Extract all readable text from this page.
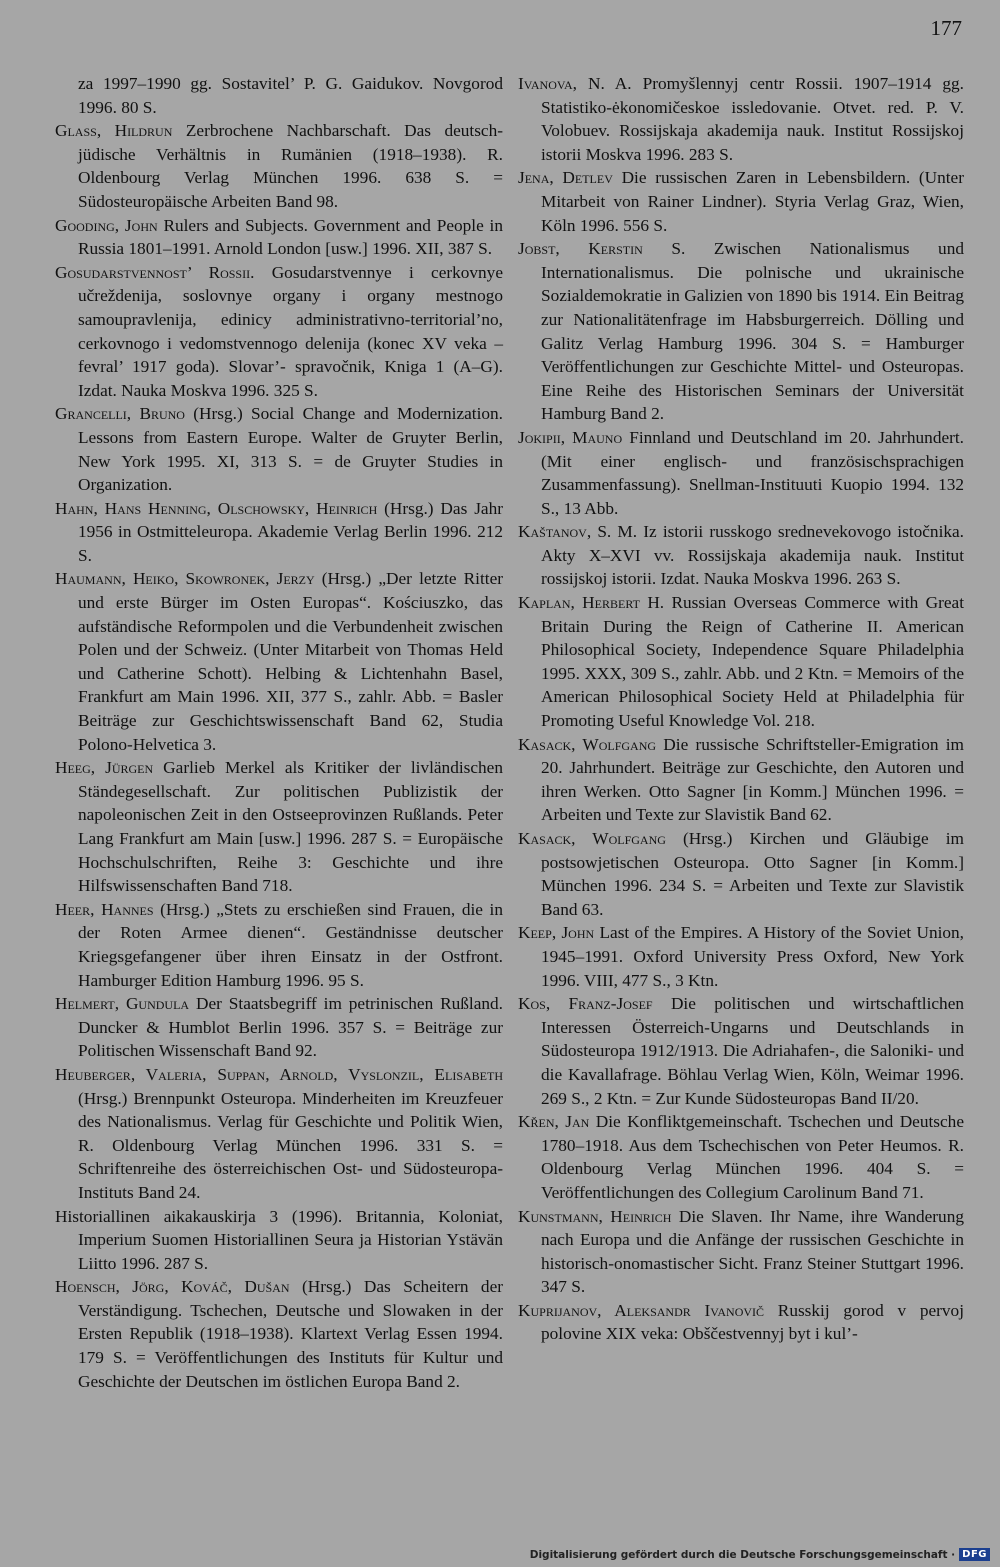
177

za 1997–1990 gg. Sostavitel’ P. G. Gaidukov. Novgorod 1996. 80 S.

Glass, Hildrun Zerbrochene Nachbarschaft. Das deutsch-jüdische Verhältnis in Rumänien (1918–1938). R. Oldenbourg Verlag München 1996. 638 S. = Südosteuropäische Arbeiten Band 98.

Gooding, John Rulers and Subjects. Government and People in Russia 1801–1991. Arnold London [usw.] 1996. XII, 387 S.

Gosudarstvennost’ Rossii. Gosudarstvennye i cerkovnye učreždenija, soslovnye organy i organy mestnogo samoupravlenija, edinicy administrativno-territorial’no, cerkovnogo i vedomstvennogo delenija (konec XV veka – fevral’ 1917 goda). Slovar’- spravočnik, Kniga 1 (A–G). Izdat. Nauka Moskva 1996. 325 S.

Grancelli, Bruno (Hrsg.) Social Change and Modernization. Lessons from Eastern Europe. Walter de Gruyter Berlin, New York 1995. XI, 313 S. = de Gruyter Studies in Organization.

Hahn, Hans Henning, Olschowsky, Heinrich (Hrsg.) Das Jahr 1956 in Ostmitteleuropa. Akademie Verlag Berlin 1996. 212 S.

Haumann, Heiko, Skowronek, Jerzy (Hrsg.) „Der letzte Ritter und erste Bürger im Osten Europas“. Kościuszko, das aufständische Reformpolen und die Verbundenheit zwischen Polen und der Schweiz. (Unter Mitarbeit von Thomas Held und Catherine Schott). Helbing & Lichtenhahn Basel, Frankfurt am Main 1996. XII, 377 S., zahlr. Abb. = Basler Beiträge zur Geschichtswissenschaft Band 62, Studia Polono-Helvetica 3.

Heeg, Jürgen Garlieb Merkel als Kritiker der livländischen Ständegesellschaft. Zur politischen Publizistik der napoleonischen Zeit in den Ostseeprovinzen Rußlands. Peter Lang Frankfurt am Main [usw.] 1996. 287 S. = Europäische Hochschulschriften, Reihe 3: Geschichte und ihre Hilfswissenschaften Band 718.

Heer, Hannes (Hrsg.) „Stets zu erschießen sind Frauen, die in der Roten Armee dienen“. Geständnisse deutscher Kriegsgefangener über ihren Einsatz in der Ostfront. Hamburger Edition Hamburg 1996. 95 S.

Helmert, Gundula Der Staatsbegriff im petrinischen Rußland. Duncker & Humblot Berlin 1996. 357 S. = Beiträge zur Politischen Wissenschaft Band 92.

Heuberger, Valeria, Suppan, Arnold, Vyslonzil, Elisabeth (Hrsg.) Brennpunkt Osteuropa. Minderheiten im Kreuzfeuer des Nationalismus. Verlag für Geschichte und Politik Wien, R. Oldenbourg Verlag München 1996. 331 S. = Schriftenreihe des österreichischen Ost- und Südosteuropa-Instituts Band 24.

Historiallinen aikakauskirja 3 (1996). Britannia, Koloniat, Imperium Suomen Historiallinen Seura ja Historian Ystävän Liitto 1996. 287 S.

Hoensch, Jörg, Kováč, Dušan (Hrsg.) Das Scheitern der Verständigung. Tschechen, Deutsche und Slowaken in der Ersten Republik (1918–1938). Klartext Verlag Essen 1994. 179 S. = Veröffentlichungen des Instituts für Kultur und Geschichte der Deutschen im östlichen Europa Band 2.

Ivanova, N. A. Promyšlennyj centr Rossii. 1907–1914 gg. Statistiko-ėkonomičeskoe issledovanie. Otvet. red. P. V. Volobuev. Rossijskaja akademija nauk. Institut Rossijskoj istorii Moskva 1996. 283 S.

Jena, Detlev Die russischen Zaren in Lebensbildern. (Unter Mitarbeit von Rainer Lindner). Styria Verlag Graz, Wien, Köln 1996. 556 S.

Jobst, Kerstin S. Zwischen Nationalismus und Internationalismus. Die polnische und ukrainische Sozialdemokratie in Galizien von 1890 bis 1914. Ein Beitrag zur Nationalitätenfrage im Habsburgerreich. Dölling und Galitz Verlag Hamburg 1996. 304 S. = Hamburger Veröffentlichungen zur Geschichte Mittel- und Osteuropas. Eine Reihe des Historischen Seminars der Universität Hamburg Band 2.

Jokipii, Mauno Finnland und Deutschland im 20. Jahrhundert. (Mit einer englisch- und französischsprachigen Zusammenfassung). Snellman-Instituuti Kuopio 1994. 132 S., 13 Abb.

Kaštanov, S. M. Iz istorii russkogo srednevekovogo istočnika. Akty X–XVI vv. Rossijskaja akademija nauk. Institut rossijskoj istorii. Izdat. Nauka Moskva 1996. 263 S.

Kaplan, Herbert H. Russian Overseas Commerce with Great Britain During the Reign of Catherine II. American Philosophical Society, Independence Square Philadelphia 1995. XXX, 309 S., zahlr. Abb. und 2 Ktn. = Memoirs of the American Philosophical Society Held at Philadelphia für Promoting Useful Knowledge Vol. 218.

Kasack, Wolfgang Die russische Schriftsteller-Emigration im 20. Jahrhundert. Beiträge zur Geschichte, den Autoren und ihren Werken. Otto Sagner [in Komm.] München 1996. = Arbeiten und Texte zur Slavistik Band 62.

Kasack, Wolfgang (Hrsg.) Kirchen und Gläubige im postsowjetischen Osteuropa. Otto Sagner [in Komm.] München 1996. 234 S. = Arbeiten und Texte zur Slavistik Band 63.

Keep, John Last of the Empires. A History of the Soviet Union, 1945–1991. Oxford University Press Oxford, New York 1996. VIII, 477 S., 3 Ktn.

Kos, Franz-Josef Die politischen und wirtschaftlichen Interessen Österreich-Ungarns und Deutschlands in Südosteuropa 1912/1913. Die Adriahafen-, die Saloniki- und die Kavallafrage. Böhlau Verlag Wien, Köln, Weimar 1996. 269 S., 2 Ktn. = Zur Kunde Südosteuropas Band II/20.

Křen, Jan Die Konfliktgemeinschaft. Tschechen und Deutsche 1780–1918. Aus dem Tschechischen von Peter Heumos. R. Oldenbourg Verlag München 1996. 404 S. = Veröffentlichungen des Collegium Carolinum Band 71.

Kunstmann, Heinrich Die Slaven. Ihr Name, ihre Wanderung nach Europa und die Anfänge der russischen Geschichte in historisch-onomastischer Sicht. Franz Steiner Stuttgart 1996. 347 S.

Kuprijanov, Aleksandr Ivanovič Russkij gorod v pervoj polovine XIX veka: Obščestvennyj byt i kul’-

Digitalisierung gefördert durch die Deutsche Forschungsgemeinschaft · DFG
